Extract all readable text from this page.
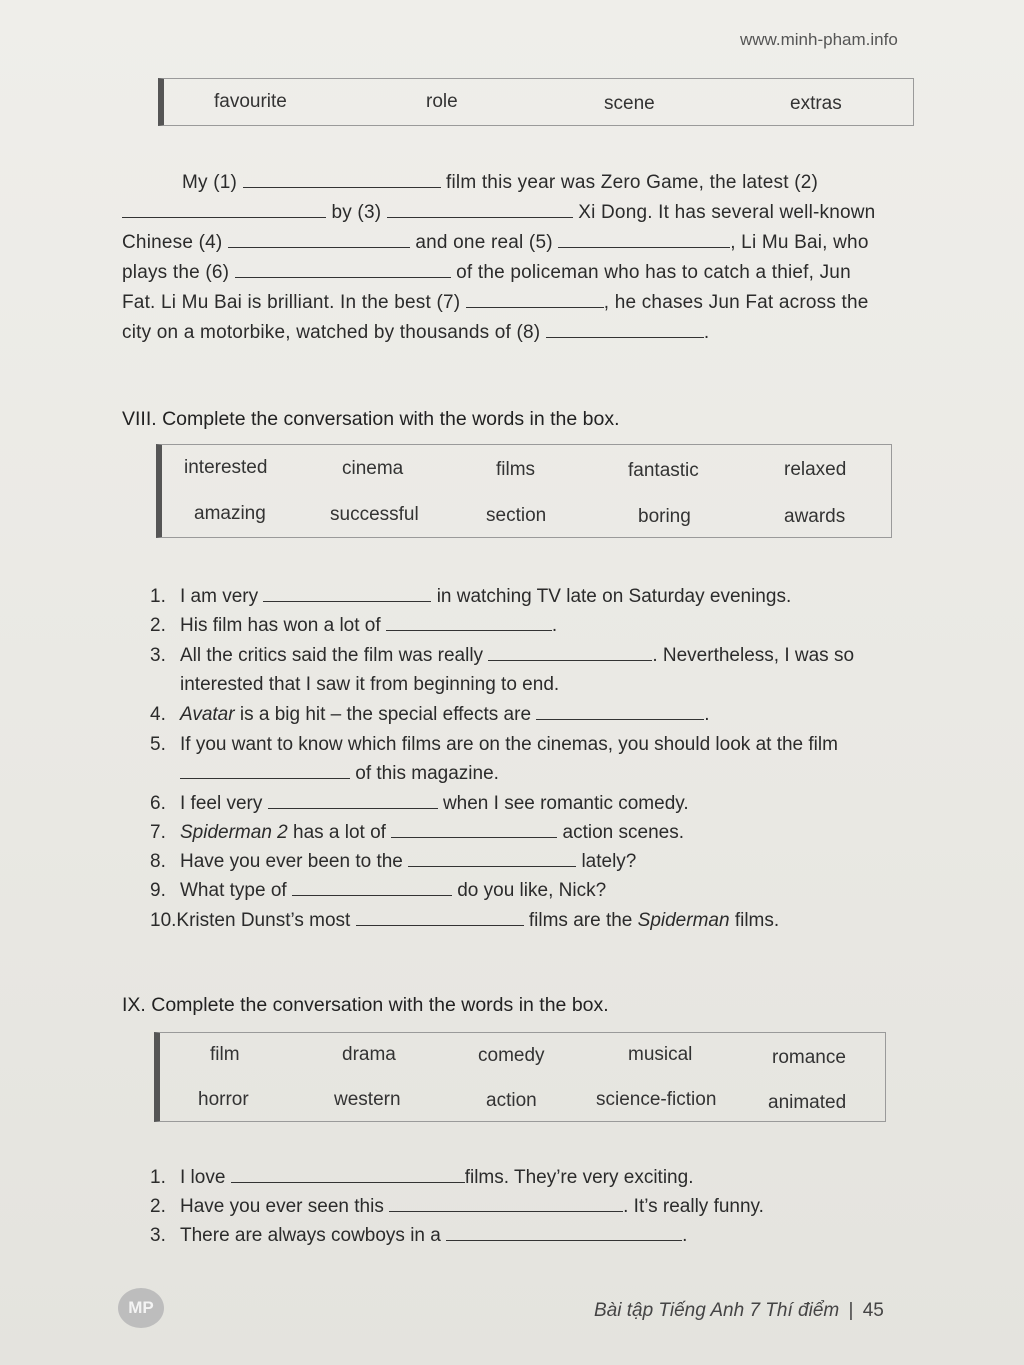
www.minh-pham.info
favourite	role	scene	extras
My (1)	film this year was Zero Game, the latest (2)
by (3)	Xi Dong. It has several well-known
Chinese (4)	and one real (5)	, Li Mu Bai, who
plays the (6)	of the policeman who has to catch a thief, Jun
Fat. Li Mu Bai is brilliant. In the best (7)	, he chases Jun Fat across the
city on a motorbike, watched by thousands of (8)	.
VIII. Complete the conversation with the words in the box.
interested	cinema	films	fantastic	relaxed
amazing	successful	section	boring	awards
1. I am very	in watching TV late on Saturday evenings.
2. His film has won a lot of	.
3. All the critics said the film was really	. Nevertheless, I was so
interested that I saw it from beginning to end.
4. Avatar is a big hit – the special effects are	.
5. If you want to know which films are on the cinemas, you should look at the film
of this magazine.
6. I feel very	when I see romantic comedy.
7. Spiderman 2 has a lot of	action scenes.
8. Have you ever been to the	lately?
9. What type of	do you like, Nick?
10.Kristen Dunst’s most	films are the Spiderman films.
IX. Complete the conversation with the words in the box.
film	drama	comedy	musical	romance
horror	western	action	science-fiction	animated
1. I love	films. They’re very exciting.
2. Have you ever seen this	. It’s really funny.
3. There are always cowboys in a	.
MP	Bài tập Tiếng Anh 7 Thí điểm | 45
